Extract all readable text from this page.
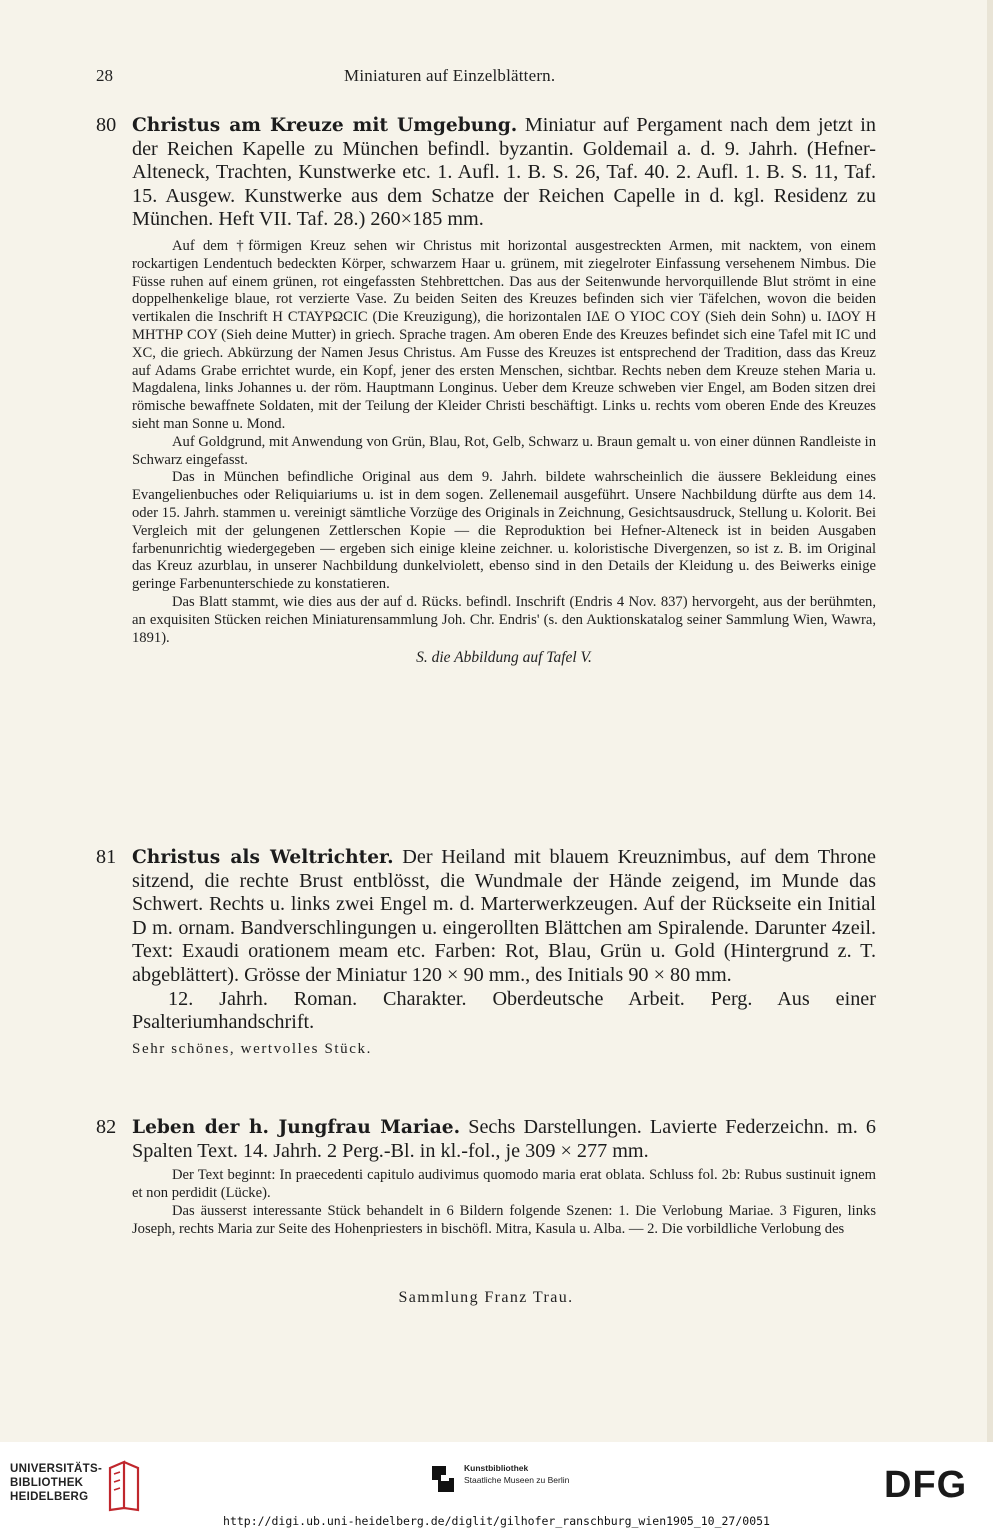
28	Miniaturen auf Einzelblättern.
80 Christus am Kreuze mit Umgebung. Miniatur auf Pergament nach dem jetzt in der Reichen Kapelle zu München befindl. byzantin. Goldemail a. d. 9. Jahrh. (Hefner-Alteneck, Trachten, Kunstwerke etc. 1. Aufl. 1. B. S. 26, Taf. 40. 2. Aufl. 1. B. S. 11, Taf. 15. Ausgew. Kunstwerke aus dem Schatze der Reichen Capelle in d. kgl. Residenz zu München. Heft VII. Taf. 28.) 260×185 mm.

Auf dem †förmigen Kreuz sehen wir Christus mit horizontal ausgestreckten Armen, mit nacktem, von einem rockartigen Lendentuch bedeckten Körper, schwarzem Haar u. grünem, mit ziegelroter Einfassung versehenem Nimbus. Die Füsse ruhen auf einem grünen, rot eingefassten Stehbrettchen. Das aus der Seitenwunde hervorquillende Blut strömt in eine doppelhenkelige blaue, rot verzierte Vase. Zu beiden Seiten des Kreuzes befinden sich vier Täfelchen, wovon die beiden vertikalen die Inschrift Η CΤΑΥΡΩCΙC (Die Kreuzigung), die horizontalen ΙΔΕ Ο ΥΙΟC COΥ (Sieh dein Sohn) u. ΙΔΟΥ Η ΜΗΤΗΡ COΥ (Sieh deine Mutter) in griech. Sprache tragen. Am oberen Ende des Kreuzes befindet sich eine Tafel mit ΙC und ΧC, die griech. Abkürzung der Namen Jesus Christus. Am Fusse des Kreuzes ist entsprechend der Tradition, dass das Kreuz auf Adams Grabe errichtet wurde, ein Kopf, jener des ersten Menschen, sichtbar. Rechts neben dem Kreuze stehen Maria u. Magdalena, links Johannes u. der röm. Hauptmann Longinus. Ueber dem Kreuze schweben vier Engel, am Boden sitzen drei römische bewaffnete Soldaten, mit der Teilung der Kleider Christi beschäftigt. Links u. rechts vom oberen Ende des Kreuzes sieht man Sonne u. Mond.

Auf Goldgrund, mit Anwendung von Grün, Blau, Rot, Gelb, Schwarz u. Braun gemalt u. von einer dünnen Randleiste in Schwarz eingefasst.

Das in München befindliche Original aus dem 9. Jahrh. bildete wahrscheinlich die äussere Bekleidung eines Evangelienbuches oder Reliquiariums u. ist in dem sogen. Zellenemail ausgeführt. Unsere Nachbildung dürfte aus dem 14. oder 15. Jahrh. stammen u. vereinigt sämtliche Vorzüge des Originals in Zeichnung, Gesichtsausdruck, Stellung u. Kolorit. Bei Vergleich mit der gelungenen Zettlerschen Kopie — die Reproduktion bei Hefner-Alteneck ist in beiden Ausgaben farbenunrichtig wiedergegeben — ergeben sich einige kleine zeichner. u. koloristische Divergenzen, so ist z. B. im Original das Kreuz azurblau, in unserer Nachbildung dunkelviolett, ebenso sind in den Details der Kleidung u. des Beiwerks einige geringe Farbenunterschiede zu konstatieren.

Das Blatt stammt, wie dies aus der auf d. Rücks. befindl. Inschrift (Endris 4 Nov. 837) hervorgeht, aus der berühmten, an exquisiten Stücken reichen Miniaturensammlung Joh. Chr. Endris' (s. den Auktionskatalog seiner Sammlung Wien, Wawra, 1891).

S. die Abbildung auf Tafel V.
81 Christus als Weltrichter. Der Heiland mit blauem Kreuznimbus, auf dem Throne sitzend, die rechte Brust entblösst, die Wundmale der Hände zeigend, im Munde das Schwert. Rechts u. links zwei Engel m. d. Marterwerkzeugen. Auf der Rückseite ein Initial D m. ornam. Bandverschlingungen u. eingerollten Blättchen am Spiralende. Darunter 4zeil. Text: Exaudi orationem meam etc. Farben: Rot, Blau, Grün u. Gold (Hintergrund z. T. abgeblättert). Grösse der Miniatur 120 × 90 mm., des Initials 90 × 80 mm.
12. Jahrh. Roman. Charakter. Oberdeutsche Arbeit. Perg. Aus einer Psalteriumhandschrift.
Sehr schönes, wertvolles Stück.
82 Leben der h. Jungfrau Mariae. Sechs Darstellungen. Lavierte Federzeichn. m. 6 Spalten Text. 14. Jahrh. 2 Perg.-Bl. in kl.-fol., je 309 × 277 mm.

Der Text beginnt: In praecedenti capitulo audivimus quomodo maria erat oblata. Schluss fol. 2b: Rubus sustinuit ignem et non perdidit (Lücke).

Das äusserst interessante Stück behandelt in 6 Bildern folgende Szenen: 1. Die Verlobung Mariae. 3 Figuren, links Joseph, rechts Maria zur Seite des Hohenpriesters in bischöfl. Mitra, Kasula u. Alba. — 2. Die vorbildliche Verlobung des

Sammlung Franz Trau.
UNIVERSITÄTS- BIBLIOTHEK HEIDELBERG
Kunstbibliothek
Staatliche Museen zu Berlin	DFG
http://digi.ub.uni-heidelberg.de/diglit/gilhofer_ranschburg_wien1905_10_27/0051
